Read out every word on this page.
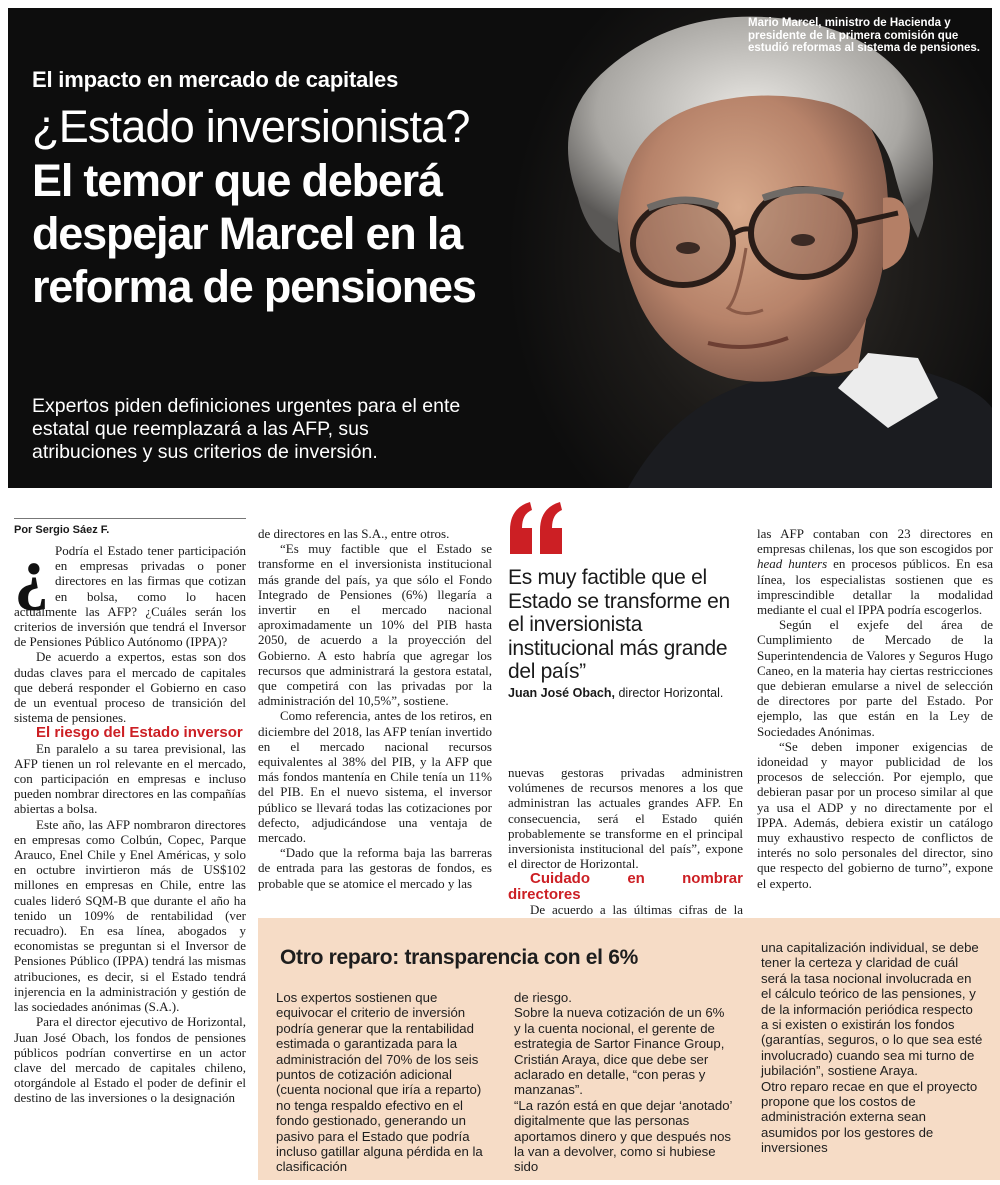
Mario Marcel, ministro de Hacienda y presidente de la primera comisión que estudió reformas al sistema de pensiones.
El impacto en mercado de capitales
¿Estado inversionista?
El temor que deberá despejar Marcel en la reforma de pensiones
Expertos piden definiciones urgentes para el ente estatal que reemplazará a las AFP, sus atribuciones y sus criterios de inversión.
Por Sergio Sáez F.

¿ Podría el Estado tener participación en empresas privadas o poner directores en las firmas que cotizan en bolsa, como lo hacen actualmente las AFP? ¿Cuáles serán los criterios de inversión que tendrá el Inversor de Pensiones Público Autónomo (IPPA)?

De acuerdo a expertos, estas son dos dudas claves para el mercado de capitales que deberá responder el Gobierno en caso de un eventual proceso de transición del sistema de pensiones.

El riesgo del Estado inversor

En paralelo a su tarea previsional, las AFP tienen un rol relevante en el mercado, con participación en empresas e incluso pueden nombrar directores en las compañías abiertas a bolsa.

Este año, las AFP nombraron directores en empresas como Colbún, Copec, Parque Arauco, Enel Chile y Enel Américas, y solo en octubre invirtieron más de US$102 millones en empresas en Chile, entre las cuales lideró SQM-B que durante el año ha tenido un 109% de rentabilidad (ver recuadro). En esa línea, abogados y economistas se preguntan si el Inversor de Pensiones Público (IPPA) tendrá las mismas atribuciones, es decir, si el Estado tendrá injerencia en la administración y gestión de las sociedades anónimas (S.A.).

Para el director ejecutivo de Horizontal, Juan José Obach, los fondos de pensiones públicos podrían convertirse en un actor clave del mercado de capitales chileno, otorgándole al Estado el poder de definir el destino de las inversiones o la designación

de directores en las S.A., entre otros.

“Es muy factible que el Estado se transforme en el inversionista institucional más grande del país, ya que sólo el Fondo Integrado de Pensiones (6%) llegaría a invertir en el mercado nacional aproximadamente un 10% del PIB hasta 2050, de acuerdo a la proyección del Gobierno. A esto habría que agregar los recursos que administrará la gestora estatal, que competirá con las privadas por la administración del 10,5%”, sostiene.

Como referencia, antes de los retiros, en diciembre del 2018, las AFP tenían invertido en el mercado nacional recursos equivalentes al 38% del PIB, y la AFP que más fondos mantenía en Chile tenía un 11% del PIB. En el nuevo sistema, el inversor público se llevará todas las cotizaciones por defecto, adjudicándose una ventaja de mercado.

“Dado que la reforma baja las barreras de entrada para las gestoras de fondos, es probable que se atomice el mercado y las

Es muy factible que el Estado se transforme en el inversionista institucional más grande del país”
Juan José Obach, director Horizontal.

nuevas gestoras privadas administren volúmenes de recursos menores a los que administran las actuales grandes AFP. En consecuencia, será el Estado quién probablemente se transforme en el principal inversionista institucional del país”, expone el director de Horizontal.

Cuidado en nombrar directores

De acuerdo a las últimas cifras de la

las AFP contaban con 23 directores en empresas chilenas, los que son escogidos por head hunters en procesos públicos. En esa línea, los especialistas sostienen que es imprescindible detallar la modalidad mediante el cual el IPPA podría escogerlos.

Según el exjefe del área de Cumplimiento de Mercado de la Superintendencia de Valores y Seguros Hugo Caneo, en la materia hay ciertas restricciones que debieran emularse a nivel de selección de directores por parte del Estado. Por ejemplo, las que están en la Ley de Sociedades Anónimas.

“Se deben imponer exigencias de idoneidad y mayor publicidad de los procesos de selección. Por ejemplo, que debieran pasar por un proceso similar al que ya usa el ADP y no directamente por el IPPA. Además, debiera existir un catálogo muy exhaustivo respecto de conflictos de interés no solo personales del director, sino que respecto del gobierno de turno”, expone el experto.

Otro reparo: transparencia con el 6%

Los expertos sostienen que equivocar el criterio de inversión podría generar que la rentabilidad estimada o garantizada para la administración del 70% de los seis puntos de cotización adicional (cuenta nocional que iría a reparto) no tenga respaldo efectivo en el fondo gestionado, generando un pasivo para el Estado que podría incluso gatillar alguna pérdida en la clasificación

de riesgo.

Sobre la nueva cotización de un 6% y la cuenta nocional, el gerente de estrategia de Sartor Finance Group, Cristián Araya, dice que debe ser aclarado en detalle, “con peras y manzanas”.

“La razón está en que dejar ‘anotado’ digitalmente que las personas aportamos dinero y que después nos la van a devolver, como si hubiese sido

una capitalización individual, se debe tener la certeza y claridad de cuál será la tasa nocional involucrada en el cálculo teórico de las pensiones, y de la información periódica respecto a si existen o existirán los fondos (garantías, seguros, o lo que sea esté involucrado) cuando sea mi turno de jubilación”, sostiene Araya.

Otro reparo recae en que el proyecto propone que los costos de administración externa sean asumidos por los gestores de inversiones
